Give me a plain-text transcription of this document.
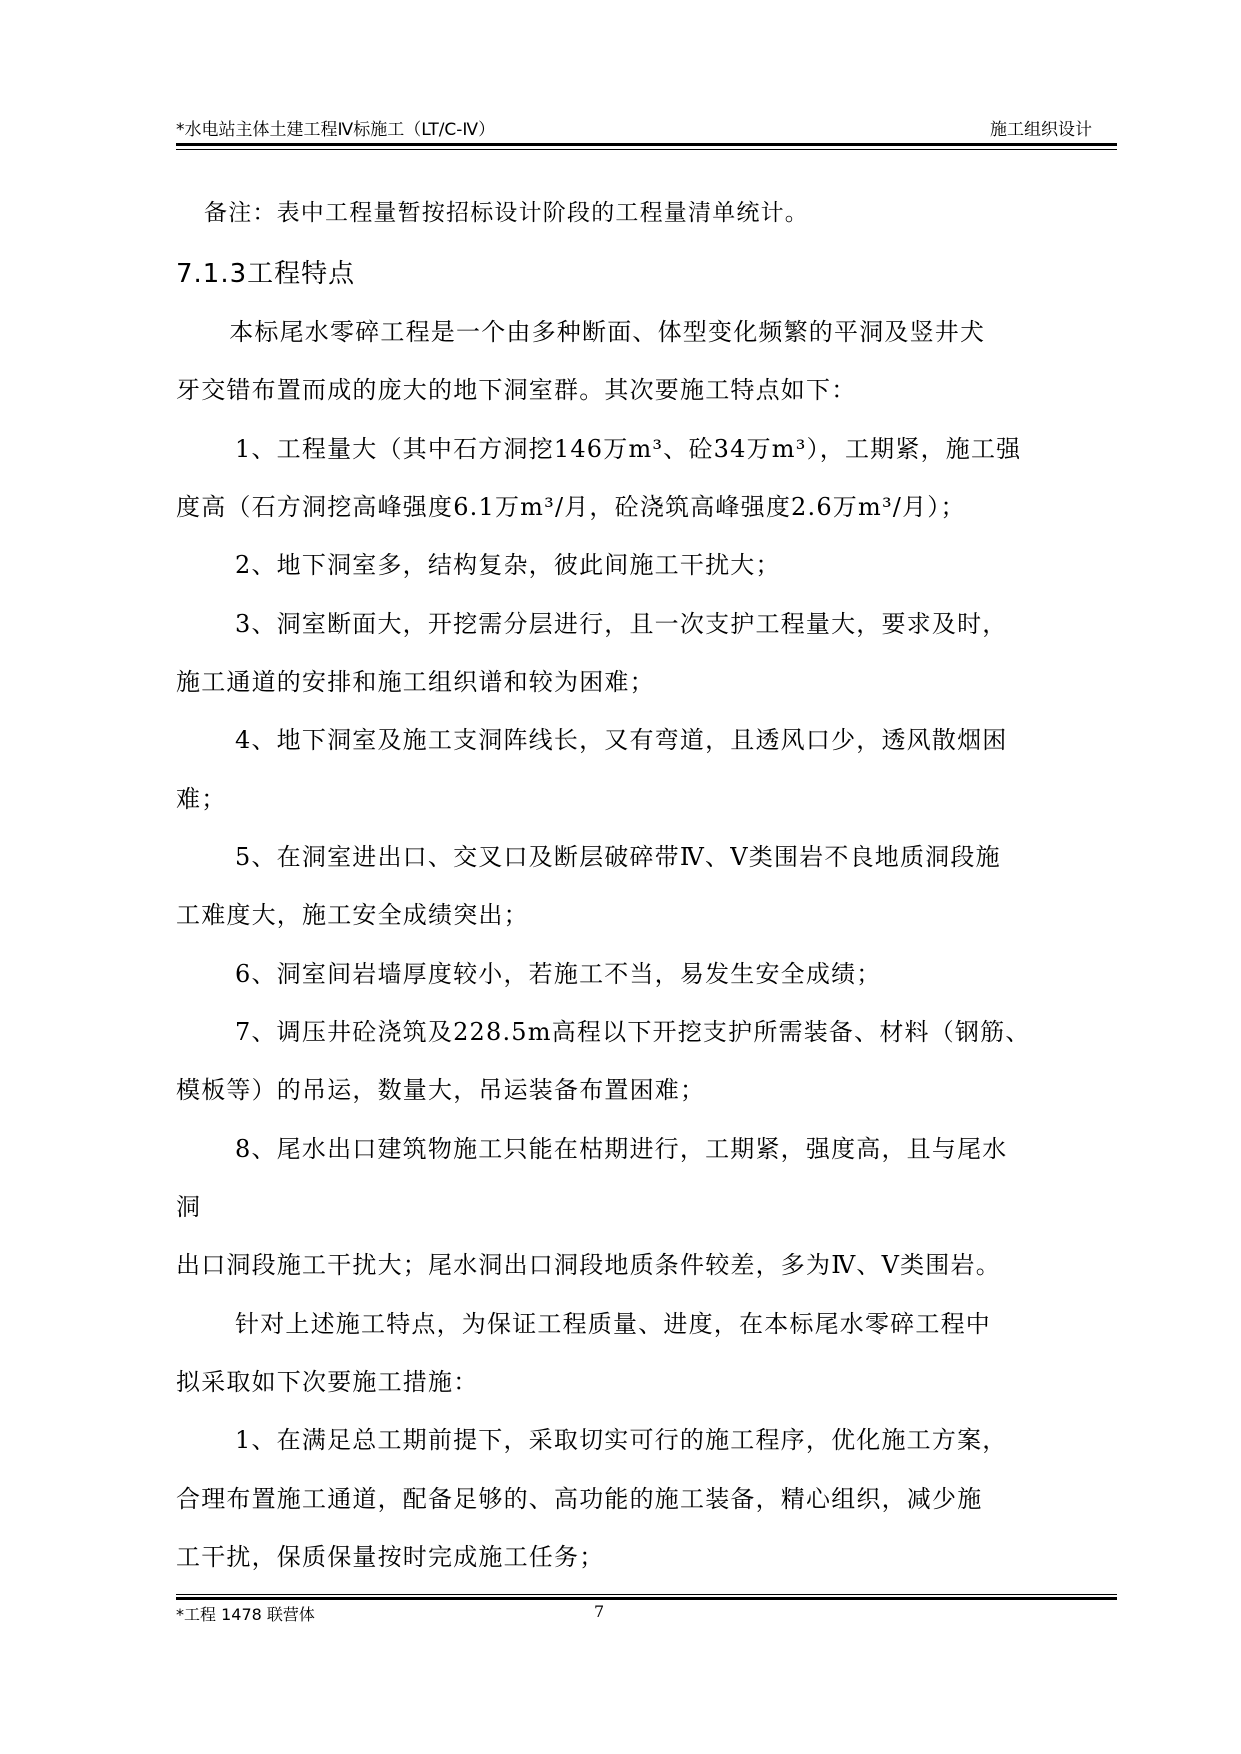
*水电站主体土建工程Ⅳ标施工（LT/C-Ⅳ）	施工组织设计
备注：表中工程量暂按招标设计阶段的工程量清单统计。
7.1.3工程特点
　本标尾水零碎工程是一个由多种断面、体型变化频繁的平洞及竖井犬
牙交错布置而成的庞大的地下洞室群。其次要施工特点如下：
1、工程量大（其中石方洞挖146万m³、砼34万m³），工期紧，施工强
度高（石方洞挖高峰强度6.1万m³/月，砼浇筑高峰强度2.6万m³/月）；
2、地下洞室多，结构复杂，彼此间施工干扰大；
3、洞室断面大，开挖需分层进行，且一次支护工程量大，要求及时，
施工通道的安排和施工组织谱和较为困难；
4、地下洞室及施工支洞阵线长，又有弯道，且透风口少，透风散烟困
难；
5、在洞室进出口、交叉口及断层破碎带Ⅳ、Ⅴ类围岩不良地质洞段施
工难度大，施工安全成绩突出；
6、洞室间岩墙厚度较小，若施工不当，易发生安全成绩；
7、调压井砼浇筑及228.5m高程以下开挖支护所需装备、材料（钢筋、
模板等）的吊运，数量大，吊运装备布置困难；
8、尾水出口建筑物施工只能在枯期进行，工期紧，强度高，且与尾水
洞
出口洞段施工干扰大；尾水洞出口洞段地质条件较差，多为Ⅳ、Ⅴ类围岩。
针对上述施工特点，为保证工程质量、进度，在本标尾水零碎工程中
拟采取如下次要施工措施：
1、在满足总工期前提下，采取切实可行的施工程序，优化施工方案，
合理布置施工通道，配备足够的、高功能的施工装备，精心组织，减少施
工干扰，保质保量按时完成施工任务；
*工程 1478 联营体	7
